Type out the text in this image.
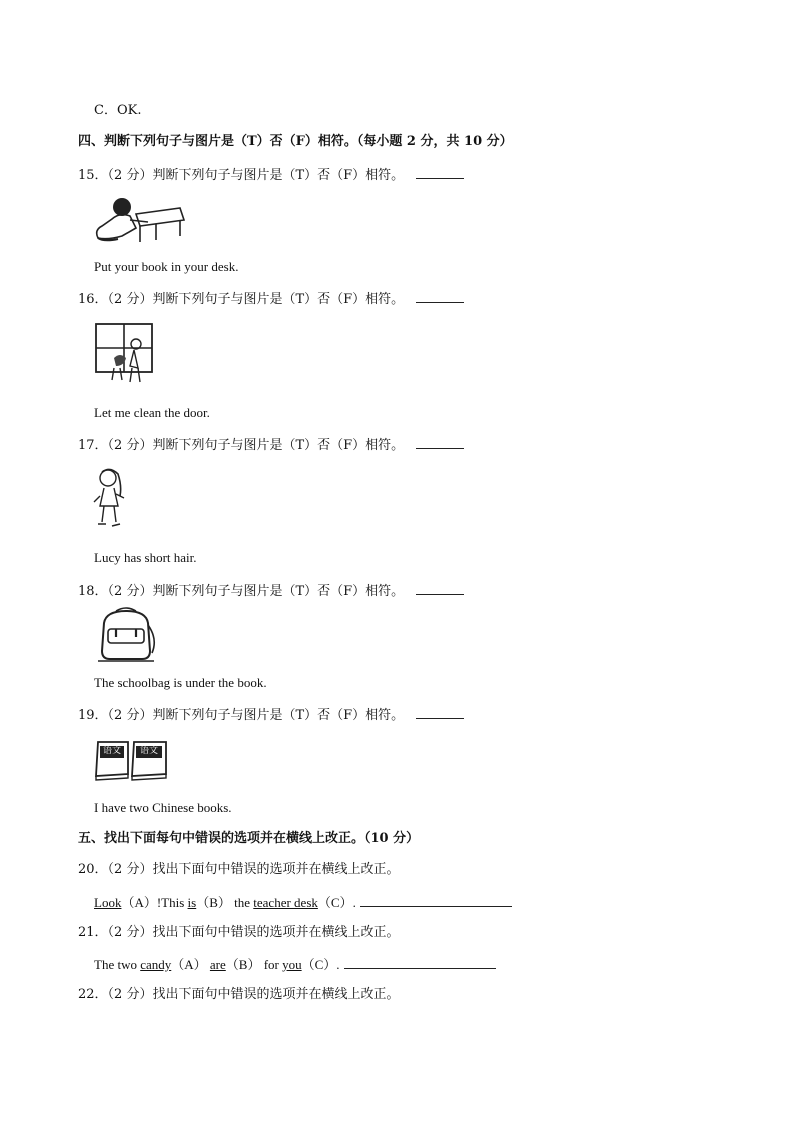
C．OK.
四、判断下列句子与图片是（T）否（F）相符。（每小题 2 分，共 10 分）
15．（2 分）判断下列句子与图片是（T）否（F）相符。
Put your book in your desk.
16．（2 分）判断下列句子与图片是（T）否（F）相符。
Let me clean the door.
17．（2 分）判断下列句子与图片是（T）否（F）相符。
Lucy has short hair.
18．（2 分）判断下列句子与图片是（T）否（F）相符。
The schoolbag is under the book.
19．（2 分）判断下列句子与图片是（T）否（F）相符。
语文	语文
I have two Chinese books.
五、找出下面每句中错误的选项并在横线上改正。（10 分）
20．（2 分）找出下面句中错误的选项并在横线上改正。
Look（A）!This is（B） the teacher desk（C）.
21．（2 分）找出下面句中错误的选项并在横线上改正。
The two candy（A） are（B） for you（C）.
22．（2 分）找出下面句中错误的选项并在横线上改正。
